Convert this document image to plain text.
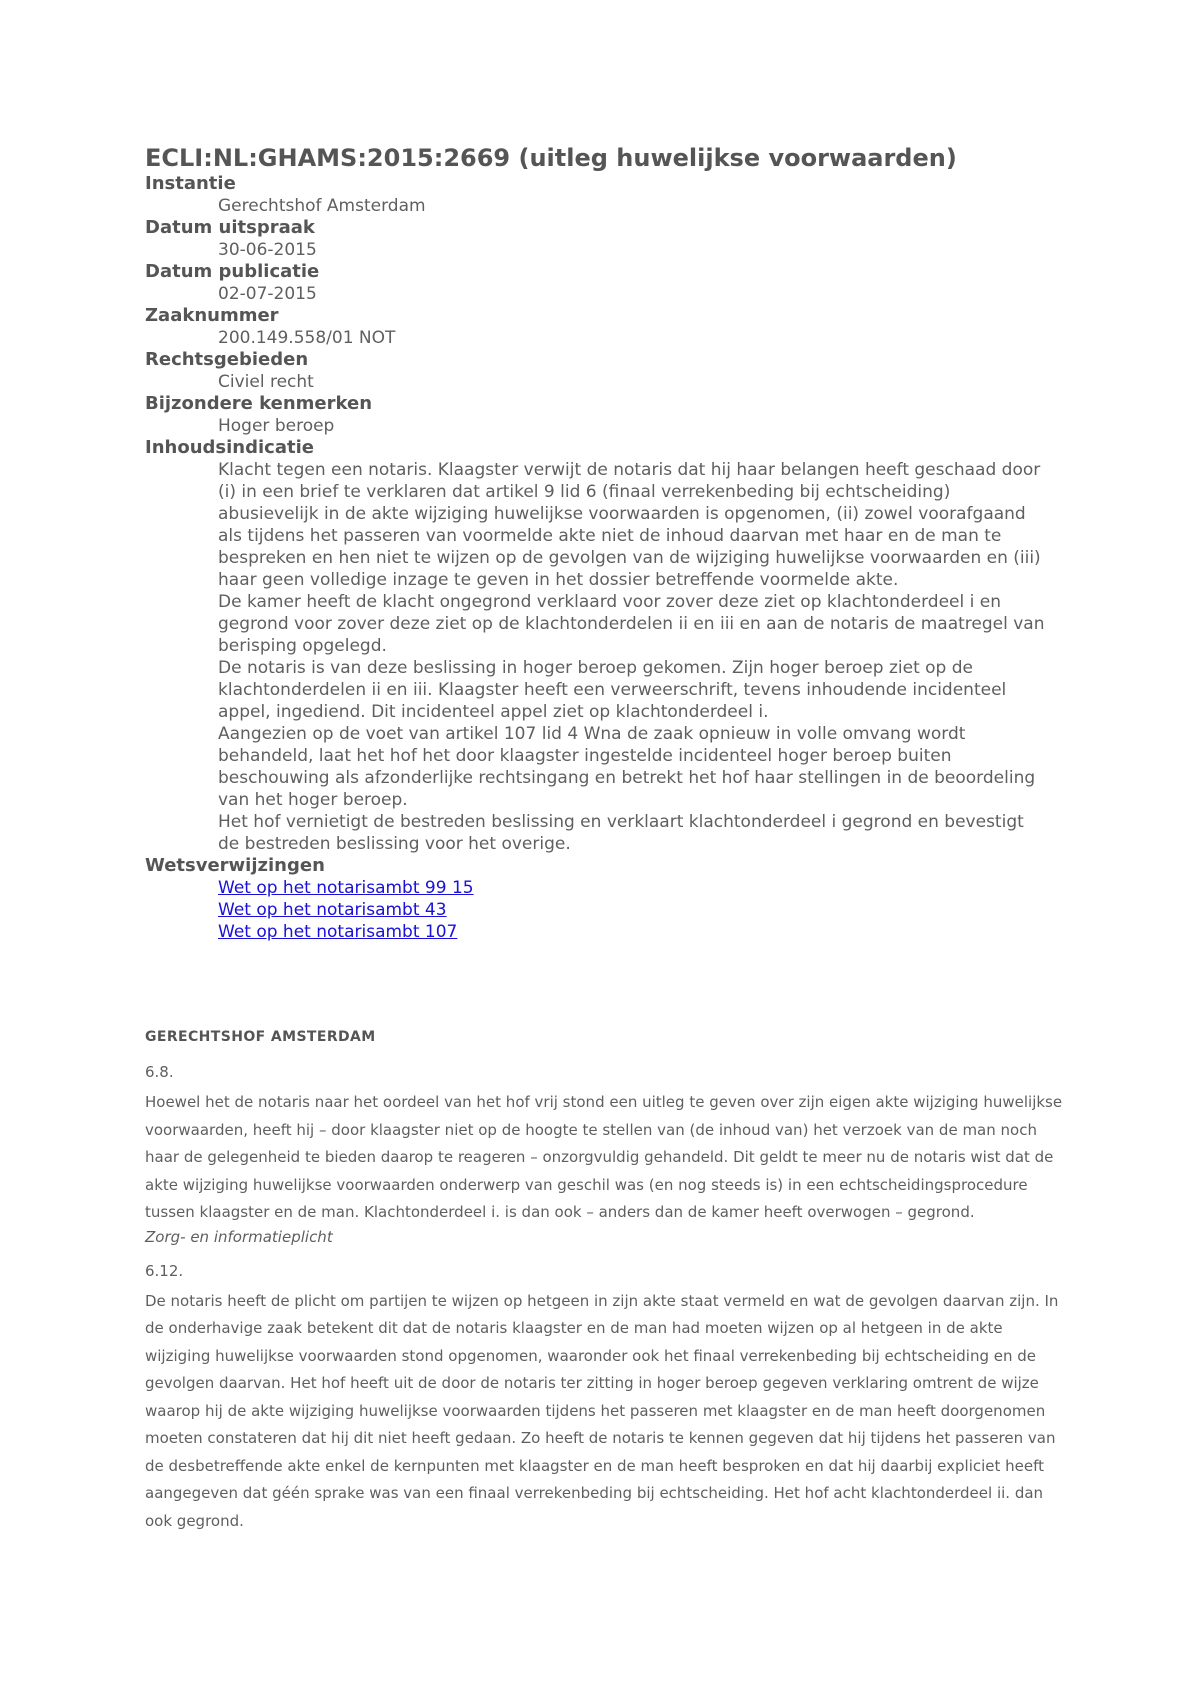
ECLI:NL:GHAMS:2015:2669 (uitleg huwelijkse voorwaarden)
Instantie
Gerechtshof Amsterdam
Datum uitspraak
30-06-2015
Datum publicatie
02-07-2015
Zaaknummer
200.149.558/01 NOT
Rechtsgebieden
Civiel recht
Bijzondere kenmerken
Hoger beroep
Inhoudsindicatie

Klacht tegen een notaris. Klaagster verwijt de notaris dat hij haar belangen heeft geschaad door (i) in een brief te verklaren dat artikel 9 lid 6 (finaal verrekenbeding bij echtscheiding) abusievelijk in de akte wijziging huwelijkse voorwaarden is opgenomen, (ii) zowel voorafgaand als tijdens het passeren van voormelde akte niet de inhoud daarvan met haar en de man te bespreken en hen niet te wijzen op de gevolgen van de wijziging huwelijkse voorwaarden en (iii) haar geen volledige inzage te geven in het dossier betreffende voormelde akte.

De kamer heeft de klacht ongegrond verklaard voor zover deze ziet op klachtonderdeel i en gegrond voor zover deze ziet op de klachtonderdelen ii en iii en aan de notaris de maatregel van berisping opgelegd.

De notaris is van deze beslissing in hoger beroep gekomen. Zijn hoger beroep ziet op de klachtonderdelen ii en iii. Klaagster heeft een verweerschrift, tevens inhoudende incidenteel appel, ingediend. Dit incidenteel appel ziet op klachtonderdeel i.

Aangezien op de voet van artikel 107 lid 4 Wna de zaak opnieuw in volle omvang wordt behandeld, laat het hof het door klaagster ingestelde incidenteel hoger beroep buiten beschouwing als afzonderlijke rechtsingang en betrekt het hof haar stellingen in de beoordeling van het hoger beroep.

Het hof vernietigt de bestreden beslissing en verklaart klachtonderdeel i gegrond en bevestigt de bestreden beslissing voor het overige.

Wetsverwijzingen
Wet op het notarisambt 99 15
Wet op het notarisambt 43
Wet op het notarisambt 107
GERECHTSHOF AMSTERDAM
6.8.

Hoewel het de notaris naar het oordeel van het hof vrij stond een uitleg te geven over zijn eigen akte wijziging huwelijkse voorwaarden, heeft hij – door klaagster niet op de hoogte te stellen van (de inhoud van) het verzoek van de man noch haar de gelegenheid te bieden daarop te reageren – onzorgvuldig gehandeld. Dit geldt te meer nu de notaris wist dat de akte wijziging huwelijkse voorwaarden onderwerp van geschil was (en nog steeds is) in een echtscheidingsprocedure tussen klaagster en de man. Klachtonderdeel i. is dan ook – anders dan de kamer heeft overwogen – gegrond.

Zorg- en informatieplicht
6.12.

De notaris heeft de plicht om partijen te wijzen op hetgeen in zijn akte staat vermeld en wat de gevolgen daarvan zijn. In de onderhavige zaak betekent dit dat de notaris klaagster en de man had moeten wijzen op al hetgeen in de akte wijziging huwelijkse voorwaarden stond opgenomen, waaronder ook het finaal verrekenbeding bij echtscheiding en de gevolgen daarvan. Het hof heeft uit de door de notaris ter zitting in hoger beroep gegeven verklaring omtrent de wijze waarop hij de akte wijziging huwelijkse voorwaarden tijdens het passeren met klaagster en de man heeft doorgenomen moeten constateren dat hij dit niet heeft gedaan. Zo heeft de notaris te kennen gegeven dat hij tijdens het passeren van de desbetreffende akte enkel de kernpunten met klaagster en de man heeft besproken en dat hij daarbij expliciet heeft aangegeven dat géén sprake was van een finaal verrekenbeding bij echtscheiding. Het hof acht klachtonderdeel ii. dan ook gegrond.
